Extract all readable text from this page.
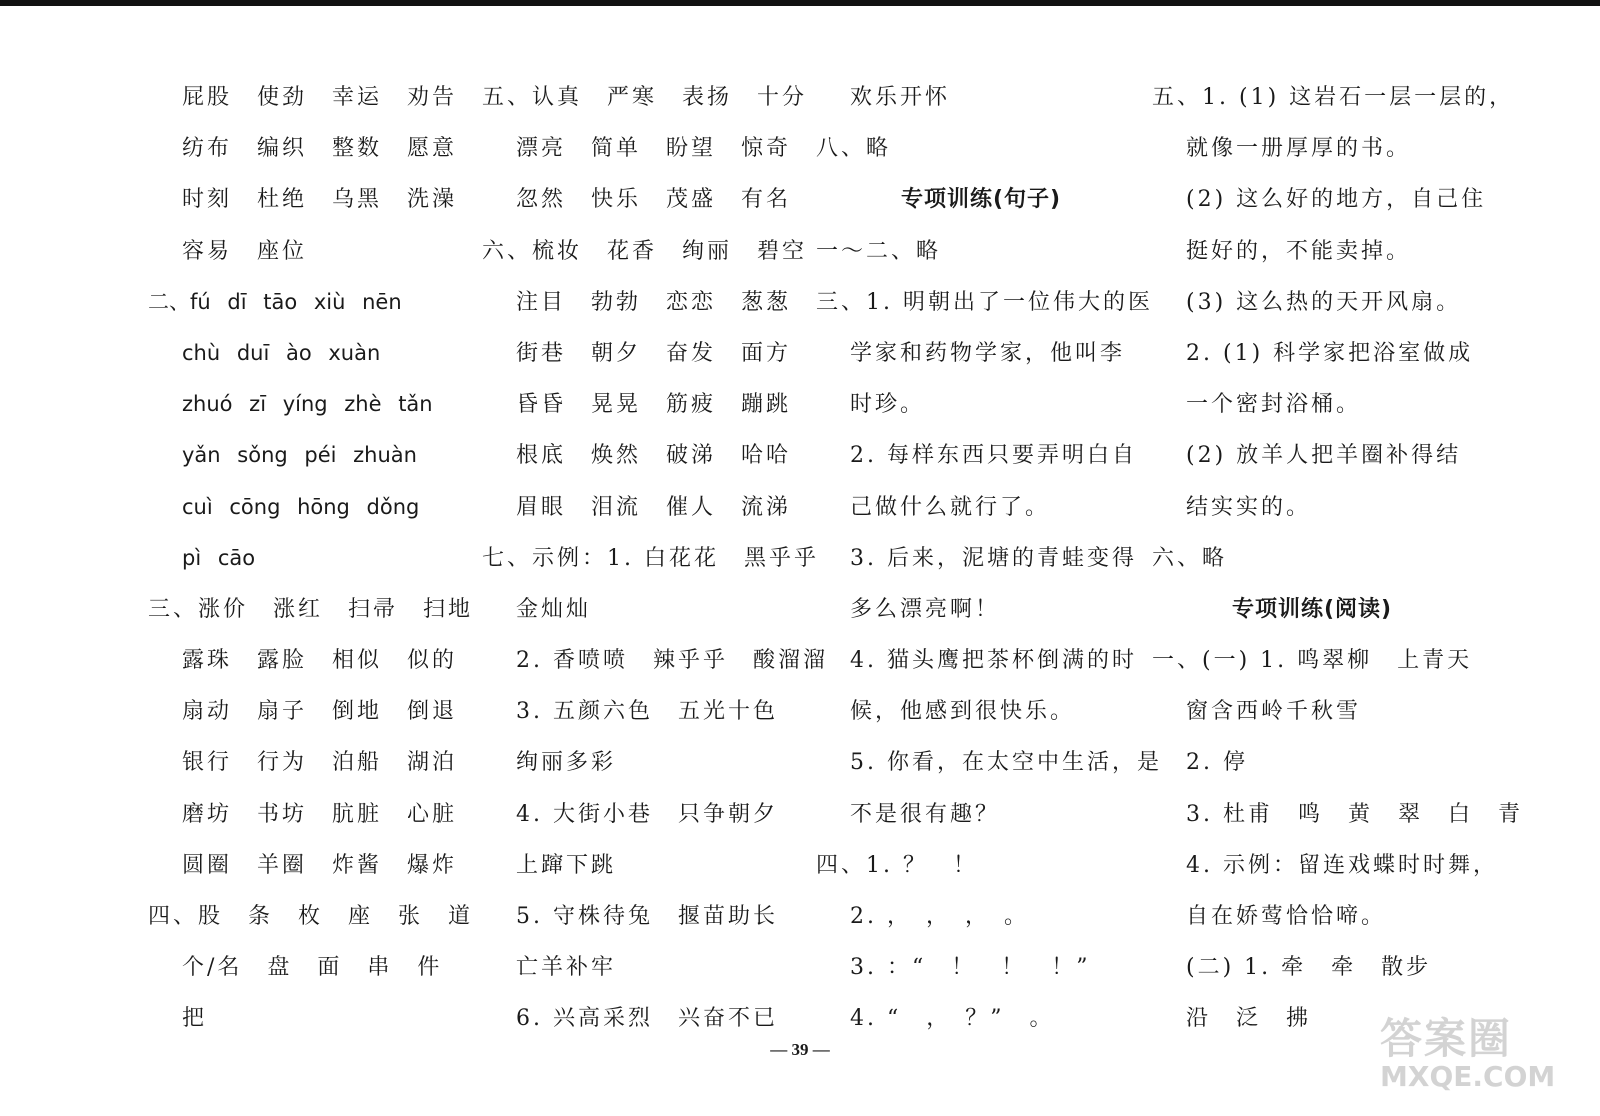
屁股　使劲　幸运　劝告
纺布　编织　整数　愿意
时刻　杜绝　乌黑　洗澡
容易　座位
二、fú dī tāo xiù nēn
chù duī ào xuàn
zhuó zī yíng zhè tǎn
yǎn sǒng péi zhuàn
cuì cōng hōng dǒng
pì cāo
三、涨价　涨红　扫帚　扫地
露珠　露脸　相似　似的
扇动　扇子　倒地　倒退
银行　行为　泊船　湖泊
磨坊　书坊　肮脏　心脏
圆圈　羊圈　炸酱　爆炸
四、股　条　枚　座　张　道
个/名　盘　面　串　件
把
五、认真　严寒　表扬　十分
漂亮　简单　盼望　惊奇
忽然　快乐　茂盛　有名
六、梳妆　花香　绚丽　碧空
注目　勃勃　恋恋　葱葱
街巷　朝夕　奋发　面方
昏昏　晃晃　筋疲　蹦跳
根底　焕然　破涕　哈哈
眉眼　泪流　催人　流涕
七、示例：1. 白花花　黑乎乎
金灿灿
2. 香喷喷　辣乎乎　酸溜溜
3. 五颜六色　五光十色
绚丽多彩
4. 大街小巷　只争朝夕
上蹿下跳
5. 守株待兔　揠苗助长
亡羊补牢
6. 兴高采烈　兴奋不已
欢乐开怀
八、略
专项训练(句子)
一～二、略
三、1. 明朝出了一位伟大的医
学家和药物学家，他叫李
时珍。
2. 每样东西只要弄明白自
己做什么就行了。
3. 后来，泥塘的青蛙变得
多么漂亮啊！
4. 猫头鹰把茶杯倒满的时
候，他感到很快乐。
5. 你看，在太空中生活，是
不是很有趣？
四、1. ？　！
2. ，　，　，　。
3. ：“　！　！　！”
4. “　，　？”　。
五、1. (1) 这岩石一层一层的，
就像一册厚厚的书。
(2) 这么好的地方，自己住
挺好的，不能卖掉。
(3) 这么热的天开风扇。
2. (1) 科学家把浴室做成
一个密封浴桶。
(2) 放羊人把羊圈补得结
结实实的。
六、略
专项训练(阅读)
一、(一) 1. 鸣翠柳　上青天
窗含西岭千秋雪
2. 停
3. 杜甫　鸣　黄　翠　白　青
4. 示例：留连戏蝶时时舞，
自在娇莺恰恰啼。
(二) 1. 牵　牵　散步
沿　泛　拂
— 39 —	答案圈
MXQE.COM
